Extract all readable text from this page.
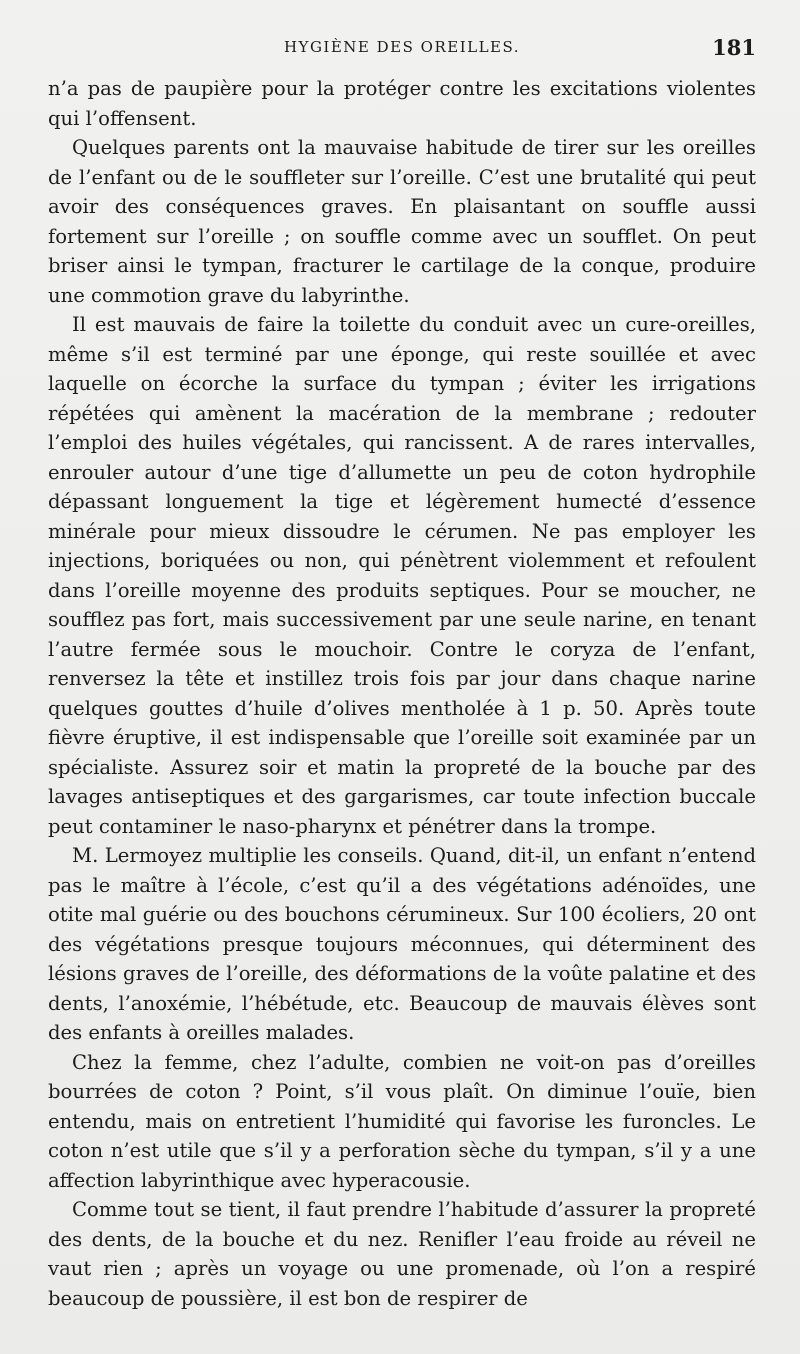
HYGIÈNE DES OREILLES.	181

n’a pas de paupière pour la protéger contre les excitations violentes qui l’offensent.

Quelques parents ont la mauvaise habitude de tirer sur les oreilles de l’enfant ou de le souffleter sur l’oreille. C’est une brutalité qui peut avoir des conséquences graves. En plaisantant on souffle aussi fortement sur l’oreille ; on souffle comme avec un soufflet. On peut briser ainsi le tympan, fracturer le cartilage de la conque, produire une commotion grave du labyrinthe.

Il est mauvais de faire la toilette du conduit avec un cure-oreilles, même s’il est terminé par une éponge, qui reste souillée et avec laquelle on écorche la surface du tympan ; éviter les irrigations répétées qui amènent la macération de la membrane ; redouter l’emploi des huiles végétales, qui rancissent. A de rares intervalles, enrouler autour d’une tige d’allumette un peu de coton hydrophile dépassant longuement la tige et légèrement humecté d’essence minérale pour mieux dissoudre le cérumen. Ne pas employer les injections, boriquées ou non, qui pénètrent violemment et refoulent dans l’oreille moyenne des produits septiques. Pour se moucher, ne soufflez pas fort, mais successivement par une seule narine, en tenant l’autre fermée sous le mouchoir. Contre le coryza de l’enfant, renversez la tête et instillez trois fois par jour dans chaque narine quelques gouttes d’huile d’olives mentholée à 1 p. 50. Après toute fièvre éruptive, il est indispensable que l’oreille soit examinée par un spécialiste. Assurez soir et matin la propreté de la bouche par des lavages antiseptiques et des gargarismes, car toute infection buccale peut contaminer le naso-pharynx et pénétrer dans la trompe.

M. Lermoyez multiplie les conseils. Quand, dit-il, un enfant n’entend pas le maître à l’école, c’est qu’il a des végétations adénoïdes, une otite mal guérie ou des bouchons cérumineux. Sur 100 écoliers, 20 ont des végétations presque toujours méconnues, qui déterminent des lésions graves de l’oreille, des déformations de la voûte palatine et des dents, l’anoxémie, l’hébétude, etc. Beaucoup de mauvais élèves sont des enfants à oreilles malades.

Chez la femme, chez l’adulte, combien ne voit-on pas d’oreilles bourrées de coton ? Point, s’il vous plaît. On diminue l’ouïe, bien entendu, mais on entretient l’humidité qui favorise les furoncles. Le coton n’est utile que s’il y a perforation sèche du tympan, s’il y a une affection labyrinthique avec hyperacousie.

Comme tout se tient, il faut prendre l’habitude d’assurer la propreté des dents, de la bouche et du nez. Renifler l’eau froide au réveil ne vaut rien ; après un voyage ou une promenade, où l’on a respiré beaucoup de poussière, il est bon de respirer de
